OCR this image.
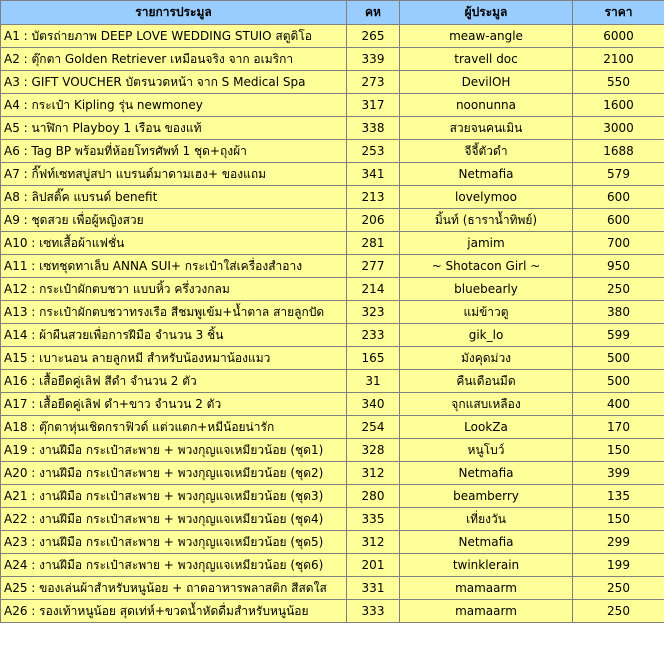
รายการประมูล	คห	ผู้ประมูล	ราคา
A1 : บัตรถ่ายภาพ DEEP LOVE WEDDING STUIO สตูดิโอ	265	meaw-angle	6000
A2 : ตุ๊กตา Golden Retriever เหมือนจริง จาก อเมริกา	339	travell doc	2100
A3 : GIFT VOUCHER บัตรนวดหน้า จาก S Medical Spa	273	DevilOH	550
A4 : กระเป๋า Kipling รุ่น newmoney	317	noonunna	1600
A5 : นาฬิกา Playboy 1 เรือน ของแท้	338	สวยจนคนเมิน	3000
A6 : Tag BP พร้อมที่ห้อยโทรศัพท์ 1 ชุด+ถุงผ้า	253	จีจี้ตัวดำ	1688
A7 : กิ๊ฟท์เซทสบู่สปา แบรนด์มาดามเฮง+ ของแถม	341	Netmafia	579
A8 : ลิปสติ๊ค แบรนด์ benefit	213	lovelymoo	600
A9 : ชุดสวย เพื่อผู้หญิงสวย	206	มิ้นท์ (ธาราน้ำทิพย์)	600
A10 : เซทเสื้อผ้าแฟชั่น	281	jamim	700
A11 : เซทชุดทาเล็บ ANNA SUI+ กระเป๋าใส่เครื่องสำอาง	277	~ Shotacon Girl ~	950
A12 : กระเป๋าผักตบชวา แบบหิ้ว ครึ่งวงกลม	214	bluebearly	250
A13 : กระเป๋าผักตบชวาทรงเรือ สีชมพูเข้ม+น้ำตาล สายลูกปัด	323	แม่ข้าวตู	380
A14 : ผ้าผืนสวยเพื่อการฝีมือ จำนวน 3 ชิ้น	233	gik_lo	599
A15 : เบาะนอน ลายลูกหมี สำหรับน้องหมาน้องแมว	165	มังคุดม่วง	500
A16 : เสื้อยืดคู่เลิฟ สีดำ จำนวน 2 ตัว	31	คืนเดือนมืด	500
A17 : เสื้อยืดคู่เลิฟ ดำ+ขาว จำนวน 2 ตัว	340	จุกแสบเหลือง	400
A18 : ตุ๊กตาหุ่นเชิดกราฟิวด์ แต่วแตก+หมีน้อยน่ารัก	254	LookZa	170
A19 : งานฝีมือ กระเป๋าสะพาย + พวงกุญแจเหมียวน้อย (ชุด1)	328	หนูโบว์	150
A20 : งานฝีมือ กระเป๋าสะพาย + พวงกุญแจเหมียวน้อย (ชุด2)	312	Netmafia	399
A21 : งานฝีมือ กระเป๋าสะพาย + พวงกุญแจเหมียวน้อย (ชุด3)	280	beamberry	135
A22 : งานฝีมือ กระเป๋าสะพาย + พวงกุญแจเหมียวน้อย (ชุด4)	335	เที่ยงวัน	150
A23 : งานฝีมือ กระเป๋าสะพาย + พวงกุญแจเหมียวน้อย (ชุด5)	312	Netmafia	299
A24 : งานฝีมือ กระเป๋าสะพาย + พวงกุญแจเหมียวน้อย (ชุด6)	201	twinklerain	199
A25 : ของเล่นผ้าสำหรับหนูน้อย + ถาดอาหารพลาสติก สีสดใส	331	mamaarm	250
A26 : รองเท้าหนูน้อย สุดเท่ห์+ขวดน้ำหัดดื่มสำหรับหนูน้อย	333	mamaarm	250
